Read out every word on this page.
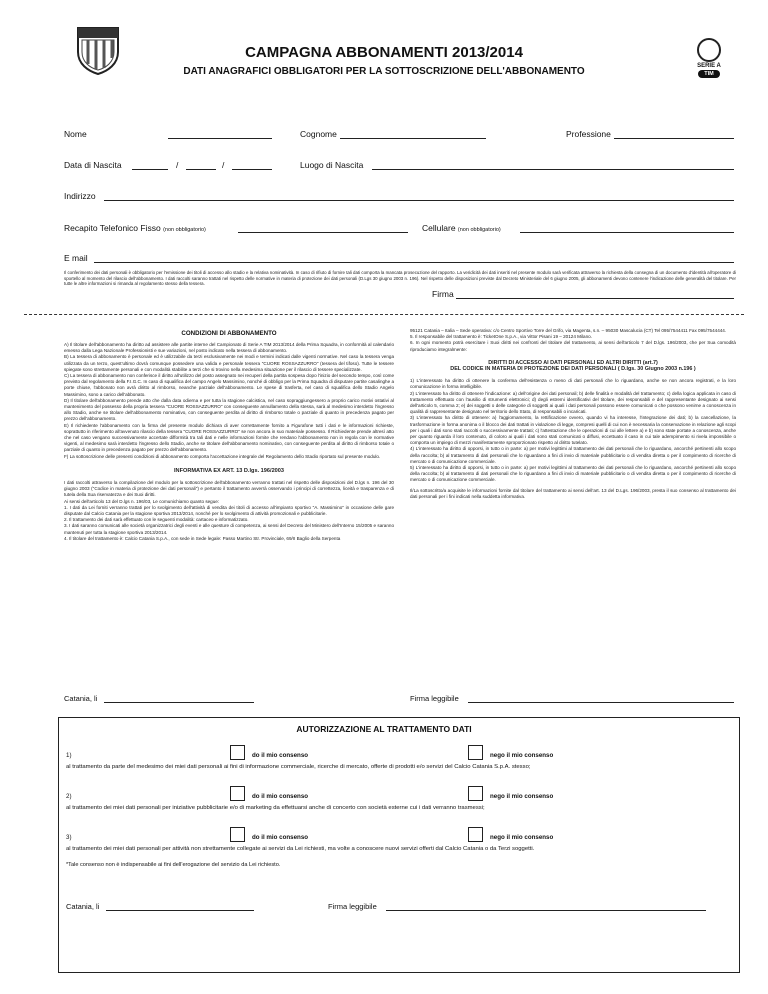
CAMPAGNA ABBONAMENTI 2013/2014
DATI ANAGRAFICI OBBLIGATORI PER LA SOTTOSCRIZIONE DELL'ABBONAMENTO	SERIE A
TIM
Nome	Cognome	Professione
Data di Nascita	/	/	Luogo di Nascita
Indirizzo
Recapito Telefonico Fisso (non obbligatorio)	Cellulare (non obbligatorio)
E mail
Il conferimento dei dati personali è obbligatorio per l'emissione dei titoli di accesso allo stadio e la relativa nominatività. In caso di rifiuto di fornire tali dati comporta la mancata prosecuzione del rapporto. La veridicità dei dati inseriti nel presente modulo sarà verificata attraverso la richiesta della consegna di un documento d'identità all'operatore di sportello al momento del rilascio dell'abbonamento. I dati raccolti saranno trattati nel rispetto delle normative in materia di protezione dei dati personali (D.Lgs 30 giugno 2003 n. 196). Nel rispetto delle disposizioni previste dal Decreto Ministeriale del 6 giugno 2005, gli abbonamenti devono contenere l'indicazione delle generalità del titolare. Per tutte le altre informazioni si rimanda al regolamento stesso della tessera.
Firma
CONDIZIONI DI ABBONAMENTO

A) Il titolare dell'abbonamento ha diritto ad assistere alle partite interne del Campionato di Serie A TIM 2013/2014 della Prima Squadra, in conformità al calendario emesso dalla Lega Nazionale Professionisti e sue variazioni, nel posto indicato nella tessera di abbonamento.

B) La tessera di abbonamento è personale ed è utilizzabile da terzi esclusivamente nei modi e termini indicati dalle vigenti normative. Nel caso la tessera venga utilizzata da un terzo, quest'ultimo dovrà comunque possedere una valida e personale tessera "CUORE ROSSAZZURRO" (tessera del tifoso). Tutte le tessere spiegate sono strettamente personali e con modalità stabilite a terzi che si trovino nella medesima situazione per il rilascio di tessere specializzate.

C) La tessera di abbonamento non conferisce il diritto all'utilizzo del posto assegnato nei recuperi della partita sospesa dopo l'inizio del secondo tempo, così come previsto dal regolamento della F.I.G.C. In caso di squalifica del campo Angelo Massimino, nonché di obbligo per la Prima Squadra di disputare partite casalinghe a porte chiuse, l'abbonato non avrà diritto al rimborso, neanche parziale dell'abbonamento. Le spese di trasferta, nel caso di squalifica dello Stadio Angelo Massimino, sono a carico dell'abbonato.

D) Il titolare dell'abbonamento prende atto che dalla data odierna e per tutta la stagione calcistica, nel caso sopraggiungessero a proprio carico motivi ostativi al mantenimento del possesso della propria tessera "CUORE ROSSAZZURRO" con conseguente annullamento della stessa, sarà al medesimo interdetto l'ingresso allo Stadio, anche se titolare dell'abbonamento nominativo, con conseguente perdita al diritto di rimborso totale o parziale di quanto in precedenza pagato per prezzo dell'abbonamento.

E) Il richiedente l'abbonamento con la firma del presente modulo dichiara di aver correttamente fornito a Figurafone tutti i dati e le informazioni richieste, soprattutto in riferimento all'avvenuto rilascio della tessera "CUORE ROSSAZZURRO" se non ancora in suo materiale possesso. Il Richiedente prende altresì atto che nel caso vengano successivamente accertate difformità tra tali dati e nelle informazioni fornite che rendano l'abbonamento non in regola con le normative vigenti, al medesimo sarà interdetto l'ingresso dello Stadio, anche se titolare dell'abbonamento nominativo, con conseguente perdita al diritto di rimborso totale o parziale di quanto in precedenza pagato per prezzo dell'abbonamento.

F) La sottoscrizione delle presenti condizioni di abbonamento comporta l'accettazione integrale del Regolamento dello Stadio riportato sul presente modulo.

INFORMATIVA EX ART. 13 D.lgs. 196/2003

I dati raccolti attraverso la compilazione del modulo per la sottoscrizione dell'abbonamento verranno trattati nel rispetto delle disposizioni del D.lgs n. 196 del 30 giugno 2003 ("Codice in materia di protezione dei dati personali") e pertanto il trattamento avverrà osservando i principi di correttezza, liceità e trasparenza e di tutela della Sua riservatezza e dei Suoi diritti.

Ai sensi dell'articolo 13 del D.lgs n. 196/03, Le comunichiamo quanto segue:

1. I dati da Lei forniti verranno trattati per lo svolgimento dell'attività di vendita dei titoli di accesso all'impianto sportivo "A. Massimino" in occasione delle gare disputate dal Calcio Catania per la stagione sportiva 2013/2014, nonché per lo svolgimento di attività promozionali e pubblicitarie.

2. Il trattamento dei dati sarà effettuato con le seguenti modalità: cartaceo e informatizzato.

3. I dati saranno comunicati alle società organizzatrici degli eventi e alle questure di competenza, ai sensi del Decreto del Ministero dell'Interno 15/2005 e saranno mantenuti per tutta la stagione sportiva 2013/2014.

4. Il titolare del trattamento è: Calcio Catania S.p.A., con sede in Sede legale: Passo Martino Str. Provinciale, 69/II Baglio della Serpenta

95121 Catania – Italia – Sede operativa: c/o Centro Sportivo Torre del Grifo, via Magenta, s.n. – 95030 Mascalucia (CT) Tel 095/7544411 Fax 095/7544444.

5. Il responsabile del trattamento è: TicketOne S.p.A., via Vittor Pisani 19 – 20124 Milano.

6. In ogni momento potrà esercitare i Suoi diritti nei confronti del titolare del trattamento, ai sensi dell'articolo 7 del D.lgs. 196/2003, che per Sua comodità riproduciamo integralmente:

DIRITTI DI ACCESSO AI DATI PERSONALI ED ALTRI DIRITTI (art.7)
DEL CODICE IN MATERIA DI PROTEZIONE DEI DATI PERSONALI ( D.lgs. 30 Giugno 2003 n.196 )

1) L'interessato ha diritto di ottenere la conferma dell'esistenza o meno di dati personali che lo riguardano, anche se non ancora registrati, e la loro comunicazione in forma intelligibile.

2) L'interessato ha diritto di ottenere l'indicazione: a) dell'origine dei dati personali; b) delle finalità e modalità del trattamento; c) della logica applicata in caso di trattamento effettuato con l'ausilio di strumenti elettronici; d) degli estremi identificativi del titolare, dei responsabili e del rappresentante designato ai sensi dell'articolo 5, comma 2; e) dei soggetti o delle categorie di soggetti ai quali i dati personali possono essere comunicati o che possono venirne a conoscenza in qualità di rappresentante designato nel territorio dello Stato, di responsabili o incaricati.

3) L'interessato ha diritto di ottenere: a) l'aggiornamento, la rettificazione ovvero, quando vi ha interesse, l'integrazione dei dati; b) la cancellazione, la trasformazione in forma anonima o il blocco dei dati trattati in violazione di legge, compresi quelli di cui non è necessaria la conservazione in relazione agli scopi per i quali i dati sono stati raccolti o successivamente trattati; c) l'attestazione che le operazioni di cui alle lettere a) e b) sono state portate a conoscenza, anche per quanto riguarda il loro contenuto, di coloro ai quali i dati sono stati comunicati o diffusi, eccettuato il caso in cui tale adempimento si rivela impossibile o comporta un impiego di mezzi manifestamente sproporzionato rispetto al diritto tutelato.

4) L'interessato ha diritto di opporsi, in tutto o in parte: a) per motivi legittimi al trattamento dei dati personali che lo riguardano, ancorché pertinenti allo scopo della raccolta; b) al trattamento di dati personali che lo riguardano a fini di invio di materiale pubblicitario o di vendita diretta o per il compimento di ricerche di mercato o di comunicazione commerciale.

5) L'interessato ha diritto di opporsi, in tutto o in parte: a) per motivi legittimi al trattamento dei dati personali che lo riguardano, ancorché pertinenti allo scopo della raccolta; b) al trattamento di dati personali che lo riguardano a fini di invio di materiale pubblicitario o di vendita diretta o per il compimento di ricerche di mercato o di comunicazione commerciale.

Il/La sottoscritto/a acquisite le informazioni fornite dal titolare del trattamento ai sensi dell'art. 13 del D.Lgs. 196/2003, presta il suo consenso al trattamento dei dati personali per i fini indicati nella suddetta informativa.

Catania, li	Firma leggibile
AUTORIZZAZIONE AL TRATTAMENTO DATI
1)	do il mio consenso	nego il mio consenso
al trattamento da parte del medesimo dei miei dati personali ai fini di informazione commerciale, ricerche di mercato, offerte di prodotti e/o servizi del Calcio Catania S.p.A. stesso;
2)	do il mio consenso	nego il mio consenso
al trattamento dei miei dati personali per iniziative pubblicitarie e/o di marketing da effettuarsi anche di concerto con società esterne cui i dati verranno trasmessi;
3)	do il mio consenso	nego il mio consenso
al trattamento dei miei dati personali per attività non strettamente collegate ai servizi da Lei richiesti, ma volte a conoscere nuovi servizi offerti dal Calcio Catania o da Terzi soggetti.
*Tale consenso non è indispensabile ai fini dell'erogazione del servizio da Lei richiesto.
Catania, li	Firma leggibile
